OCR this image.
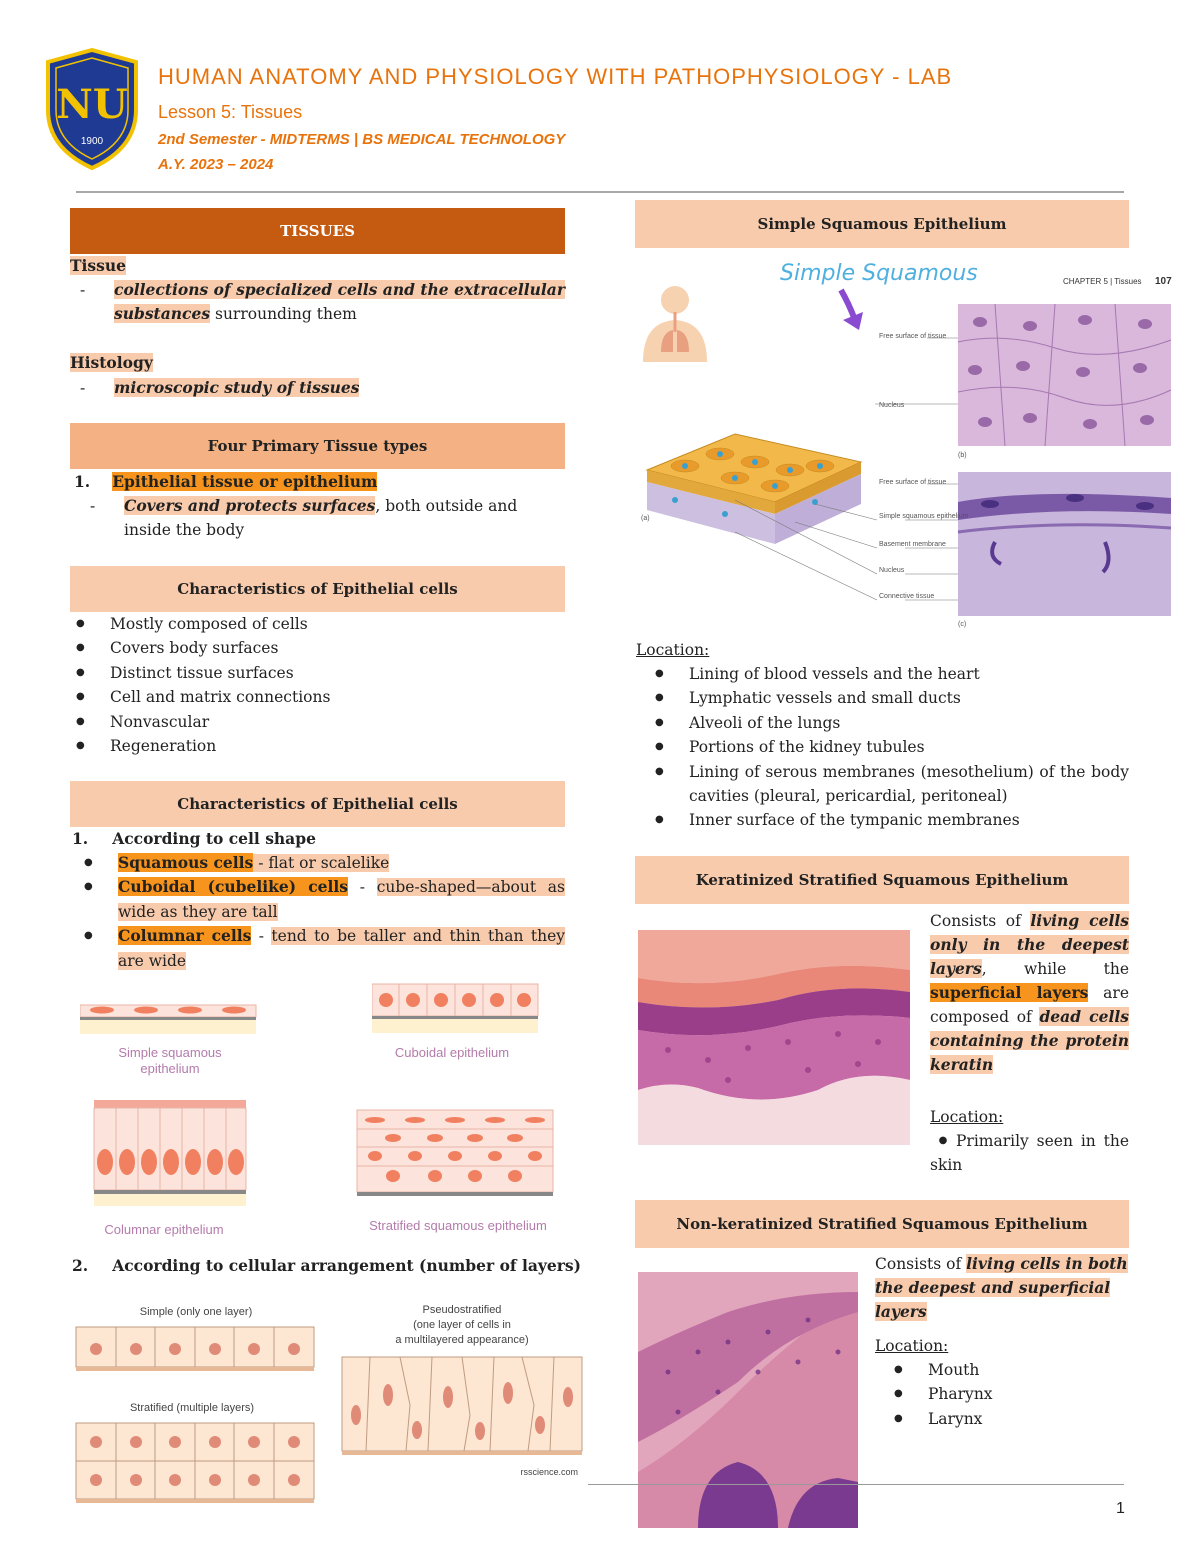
NU
1900
HUMAN ANATOMY AND PHYSIOLOGY WITH PATHOPHYSIOLOGY - LAB
Lesson 5: Tissues
2nd Semester - MIDTERMS | BS MEDICAL TECHNOLOGY
A.Y. 2023 – 2024
TISSUES
Tissue
- collections of specialized cells and the extracellular
substances surrounding them
Histology
- microscopic study of tissues
Four Primary Tissue types
1. Epithelial tissue or epithelium
- Covers and protects surfaces, both outside and inside the body
Characteristics of Epithelial cells
● Mostly composed of cells
● Covers body surfaces
● Distinct tissue surfaces
● Cell and matrix connections
● Nonvascular
● Regeneration
Characteristics of Epithelial cells
1. According to cell shape
● Squamous cells - flat or scalelike
● Cuboidal (cubelike) cells - cube-shaped—about as wide as they are tall
● Columnar cells - tend to be taller and thin than they are wide
Simple squamous epithelium
Cuboidal epithelium
Columnar epithelium	Stratified squamous epithelium
2. According to cellular arrangement (number of layers)
Simple (only one layer)
Stratified (multiple layers)
Pseudostratified
(one layer of cells in
a multilayered appearance)
rsscience.com
Simple Squamous Epithelium
Simple Squamous	CHAPTER 5 | Tissues 107
(a)
(b)
(c)
Free surface of tissue
Nucleus
Free surface of tissue
Simple squamous epithelium
Basement membrane
Nucleus
Connective tissue
Location:
● Lining of blood vessels and the heart
● Lymphatic vessels and small ducts
● Alveoli of the lungs
● Portions of the kidney tubules
● Lining of serous membranes (mesothelium) of the body cavities (pleural, pericardial, peritoneal)
● Inner surface of the tympanic membranes
Keratinized Stratified Squamous Epithelium
Consists of living cells only in the deepest layers, while the superficial layers are composed of dead cells containing the protein keratin
Location:
● Primarily seen in the skin
Non-keratinized Stratified Squamous Epithelium
Consists of living cells in both the deepest and superficial layers
Location:
● Mouth
● Pharynx
● Larynx
1
